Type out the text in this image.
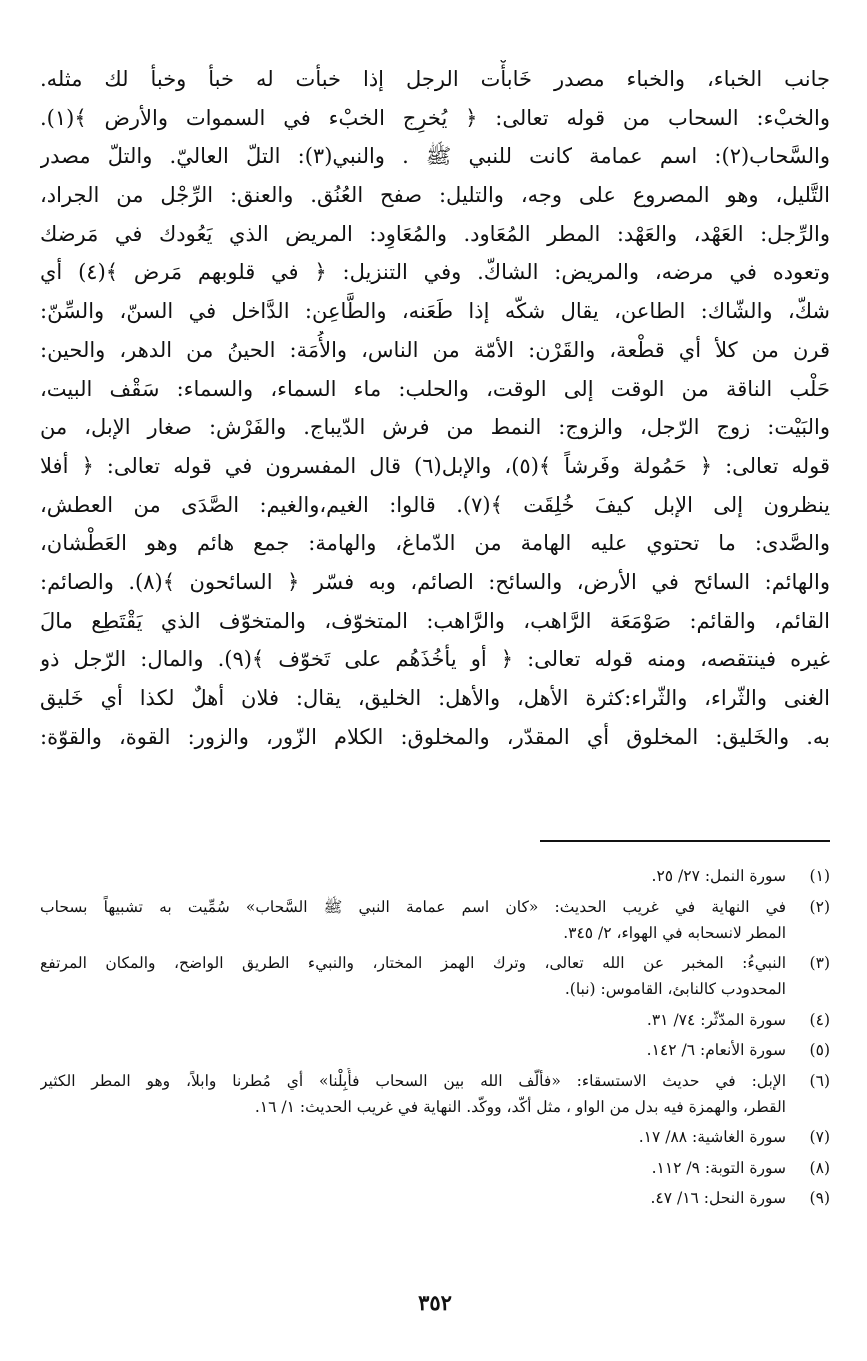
جانب الخباء، والخباء مصدر خَابأْت الرجل إذا خبأت له خبأ وخبأ لك مثله.
والخبْء: السحاب من قوله تعالى: ﴿ يُخرِج الخبْء في السموات والأرض ﴾(١).
والسَّحاب(٢): اسم عمامة كانت للنبي ﷺ . والنبي(٣): التلّ العاليّ. والتلّ مصدر
التَّليل، وهو المصروع على وجه، والتليل: صفح العُنُق. والعنق: الرِّجْل من الجراد،
والرِّجل: العَهْد، والعَهْد: المطر المُعَاود. والمُعَاوِد: المريض الذي يَعُودك في مَرضك
وتعوده في مرضه، والمريض: الشاكّ. وفي التنزيل: ﴿ في قلوبهم مَرض ﴾(٤) أي
شكّ، والشّاك: الطاعن، يقال شكّه إذا طَعَنه، والطَّاعِن: الدَّاخل في السنّ، والسِّنّ:
قرن من كلأ أي قطْعة، والقَرْن: الأمّة من الناس، والأُمَة: الحينُ من الدهر، والحين:
حَلْب الناقة من الوقت إلى الوقت، والحلب: ماء السماء، والسماء: سَقْف البيت،
والبَيْت: زوج الرّجل، والزوج: النمط من فرش الدّيباج. والفَرْش: صغار الإبل، من
قوله تعالى: ﴿ حَمُولة وفَرشاً ﴾(٥)، والإبل(٦) قال المفسرون في قوله تعالى: ﴿ أفلا
ينظرون إلى الإبل كيفَ خُلِقَت ﴾(٧). قالوا: الغيم،والغيم: الصَّدَى من العطش،
والصَّدى: ما تحتوي عليه الهامة من الدّماغ، والهامة: جمع هائم وهو العَطْشان،
والهائم: السائح في الأرض، والسائح: الصائم، وبه فسّر ﴿ السائحون ﴾(٨). والصائم:
القائم، والقائم: صَوْمَعَة الرَّاهب، والرَّاهب: المتخوّف، والمتخوّف الذي يَقْتَطِع مالَ
غيره فينتقصه، ومنه قوله تعالى: ﴿ أو يأخُذَهُم على تَخوّف ﴾(٩). والمال: الرّجل ذو
الغنى والثّراء، والثّراء:كثرة الأهل، والأهل: الخليق، يقال: فلان أهلٌ لكذا أي خَليق
به. والخَليق: المخلوق أي المقدّر، والمخلوق: الكلام الزّور، والزور: القوة، والقوّة:
(١)
سورة النمل: ٢٧/ ٢٥.
(٢)
في النهاية في غريب الحديث: «كان اسم عمامة النبي ﷺ السَّحاب» سُمِّيت به تشبيهاً بسحاب
المطر لانسحابه في الهواء، ٢/ ٣٤٥.
(٣)
النبيءُ: المخبر عن الله تعالى، وترك الهمز المختار، والنبيء الطريق الواضح، والمكان المرتفع
المحدودب كالنابئ، القاموس: (نبا).
(٤)
سورة المدّثّر: ٧٤/ ٣١.
(٥)
سورة الأنعام: ٦/ ١٤٢.
(٦)
الإبل: في حديث الاستسقاء: «فألّف الله بين السحاب فأُبِلْنا» أي مُطرنا وابلاً، وهو المطر الكثير
القطر، والهمزة فيه بدل من الواو ، مثل أكّد، ووكّد. النهاية في غريب الحديث: ١/ ١٦.
(٧)
سورة الغاشية: ٨٨/ ١٧.
(٨)
سورة التوبة: ٩/ ١١٢.
(٩)
سورة النحل: ١٦/ ٤٧.
٣٥٢
